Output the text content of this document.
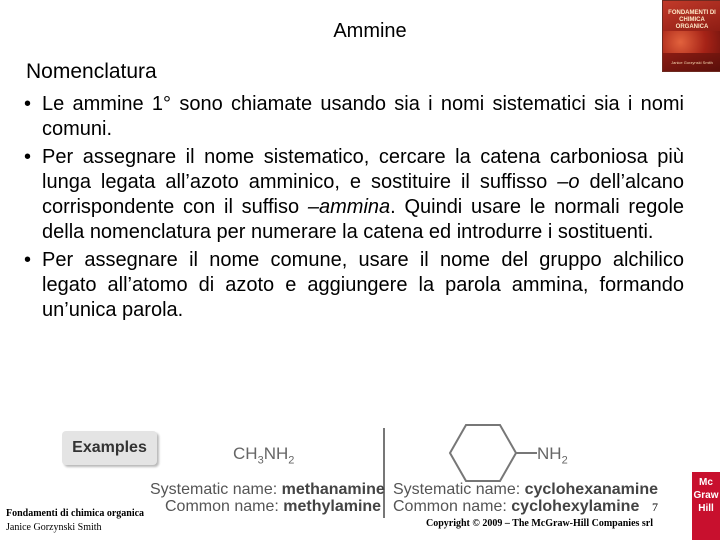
Ammine
Nomenclatura
FONDAMENTI DI CHIMICA ORGANICA
Janice Gorzynski Smith
• Le ammine 1° sono chiamate usando sia i nomi sistematici sia i nomi comuni.
• Per assegnare il nome sistematico, cercare la catena carboniosa più lunga legata all’azoto amminico, e sostituire il suffisso –o dell’alcano corrispondente con il suffiso –ammina. Quindi usare le normali regole della nomenclatura per numerare la catena ed introdurre i sostituenti.
• Per assegnare il nome comune, usare il nome del gruppo alchilico legato all’atomo di azoto e aggiungere la parola ammina, formando un’unica parola.
Examples	$CH_3NH_2$	$NH_2$
Systematic name: methanamine
Common name: methylamine
Systematic name: cyclohexanamine
Common name: cyclohexylamine
Fondamenti di chimica organica
Janice Gorzynski Smith
7
Copyright © 2009 – The McGraw-Hill Companies srl
Mc
Graw
Hill
